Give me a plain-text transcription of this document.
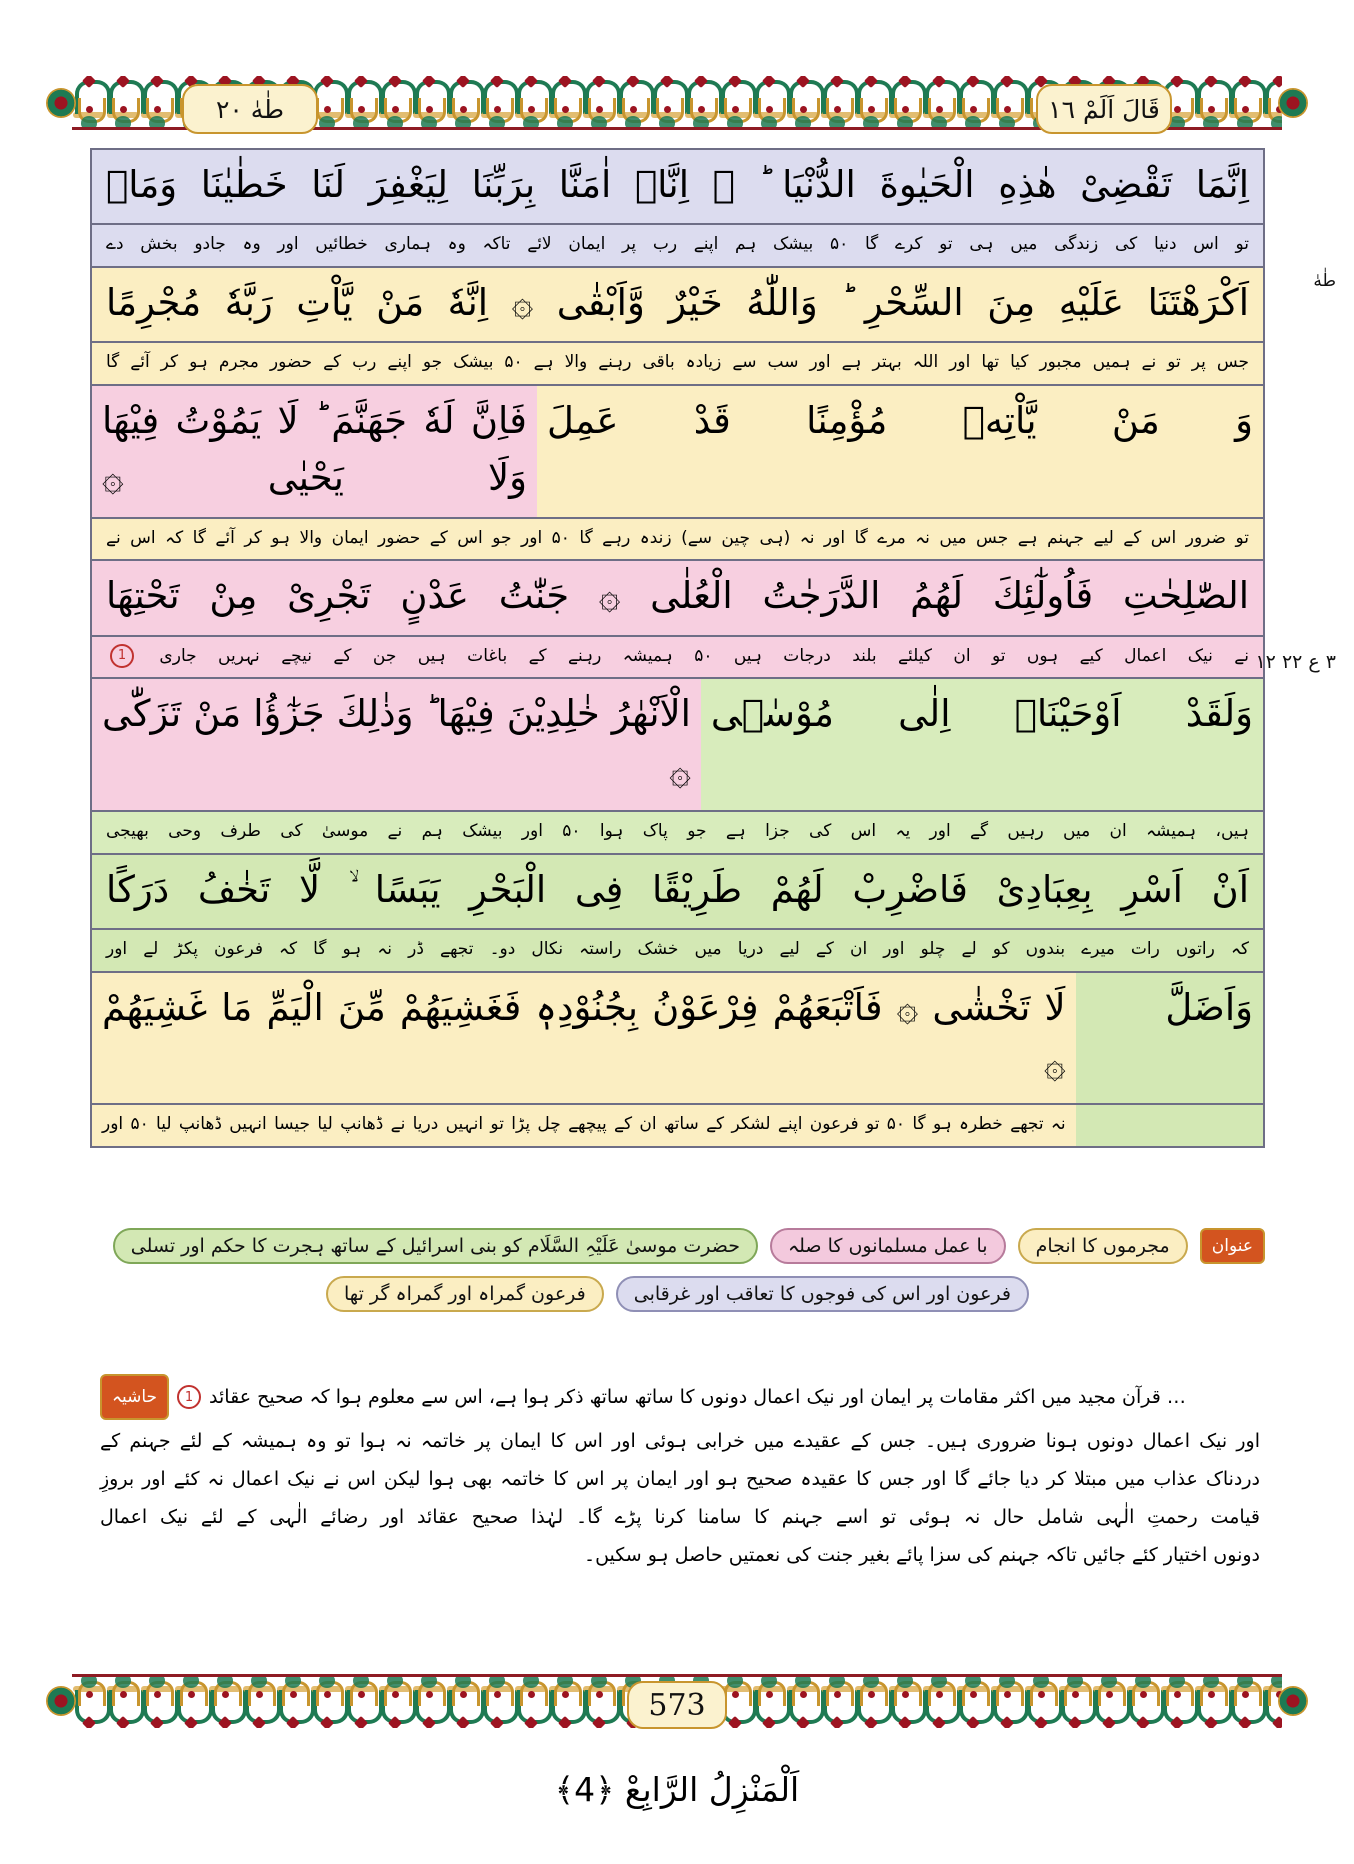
طٰهٰ ٢٠	قَالَ اَلَمْ ١٦
اِنَّمَا تَقْضِىْ هٰذِهِ الْحَيٰوةَ الدُّنْيَا ؕ ۞ اِنَّاۤ اٰمَنَّا بِرَبِّنَا لِيَغْفِرَ لَنَا خَطٰيٰنَا وَمَاۤ
تو اس دنیا کی زندگی میں ہی تو کرے گا ۵۰ بیشک ہم اپنے رب پر ایمان لائے تاکہ وہ ہماری خطائیں اور وہ جادو بخش دے
اَكْرَهْتَنَا عَلَيْهِ مِنَ السِّحْرِ ؕ وَاللّٰهُ خَيْرٌ وَّاَبْقٰى ۞ اِنَّهٗ مَنْ يَّاْتِ رَبَّهٗ مُجْرِمًا
جس پر تو نے ہمیں مجبور کیا تھا اور اللہ بہتر ہے اور سب سے زیادہ باقی رہنے والا ہے ۵۰ بیشک جو اپنے رب کے حضور مجرم ہو کر آئے گا
فَاِنَّ لَهٗ جَهَنَّمَ ؕ لَا يَمُوْتُ فِيْهَا وَلَا يَحْيٰى ۞
وَ مَنْ يَّاْتِهٖ مُؤْمِنًا قَدْ عَمِلَ
تو ضرور اس کے لیے جہنم ہے جس میں نہ مرے گا اور نہ (ہی چین سے) زندہ رہے گا ۵۰ اور جو اس کے حضور ایمان والا ہو کر آئے گا کہ اس نے
الصّٰلِحٰتِ فَاُولٰٓئِكَ لَهُمُ الدَّرَجٰتُ الْعُلٰى ۞ جَنّٰتُ عَدْنٍ تَجْرِىْ مِنْ تَحْتِهَا
نے نیک اعمال کیے ہوں تو ان کیلئے بلند درجات ہیں ۵۰ ہمیشہ رہنے کے باغات ہیں جن کے نیچے نہریں جاری 1
الْاَنْهٰرُ خٰلِدِيْنَ فِيْهَا ؕ وَذٰلِكَ جَزٰٓؤُا مَنْ تَزَكّٰى ۞
وَلَقَدْ اَوْحَيْنَاۤ اِلٰى مُوْسٰۤى
ہیں، ہمیشہ ان میں رہیں گے اور یہ اس کی جزا ہے جو پاک ہوا ۵۰ اور بیشک ہم نے موسیٰ کی طرف وحی بھیجی
اَنْ اَسْرِ بِعِبَادِىْ فَاضْرِبْ لَهُمْ طَرِيْقًا فِى الْبَحْرِ يَبَسًا ۙ لَّا تَخٰفُ دَرَكًا
کہ راتوں رات میرے بندوں کو لے چلو اور ان کے لیے دریا میں خشک راستہ نکال دو۔ تجھے ڈر نہ ہو گا کہ فرعون پکڑ لے اور
لَا تَخْشٰى ۞ فَاَتْبَعَهُمْ فِرْعَوْنُ بِجُنُوْدِهٖ فَغَشِيَهُمْ مِّنَ الْيَمِّ مَا غَشِيَهُمْ ۞
وَاَضَلَّ
نہ تجھے خطرہ ہو گا ۵۰ تو فرعون اپنے لشکر کے ساتھ ان کے پیچھے چل پڑا تو انہیں دریا نے ڈھانپ لیا جیسا انہیں ڈھانپ لیا ۵۰ اور

طٰهٰ
٣ ع ٢٢ ١٢
عنوان
مجرموں کا انجام
با عمل مسلمانوں کا صلہ
حضرت موسیٰ عَلَیْہِ السَّلَام کو بنی اسرائیل کے ساتھ ہجرت کا حکم اور تسلی
فرعون اور اس کی فوجوں کا تعاقب اور غرقابی
فرعون گمراہ اور گمراہ گر تھا
حاشیہ	1 … قرآن مجید میں اکثر مقامات پر ایمان اور نیک اعمال دونوں کا ساتھ ساتھ ذکر ہوا ہے، اس سے معلوم ہوا کہ صحیح عقائد
اور نیک اعمال دونوں ہونا ضروری ہیں۔ جس کے عقیدے میں خرابی ہوئی اور اس کا ایمان پر خاتمہ نہ ہوا تو وہ ہمیشہ کے لئے جہنم کے
دردناک عذاب میں مبتلا کر دیا جائے گا اور جس کا عقیدہ صحیح ہو اور ایمان پر اس کا خاتمہ بھی ہوا لیکن اس نے نیک اعمال نہ کئے اور بروزِ
قیامت رحمتِ الٰہی شامل حال نہ ہوئی تو اسے جہنم کا سامنا کرنا پڑے گا۔ لہٰذا صحیح عقائد اور رضائے الٰہی کے لئے نیک اعمال
دونوں اختیار کئے جائیں تاکہ جہنم کی سزا پائے بغیر جنت کی نعمتیں حاصل ہو سکیں۔
573
اَلْمَنْزِلُ الرَّابِعْ ﴿4﴾
